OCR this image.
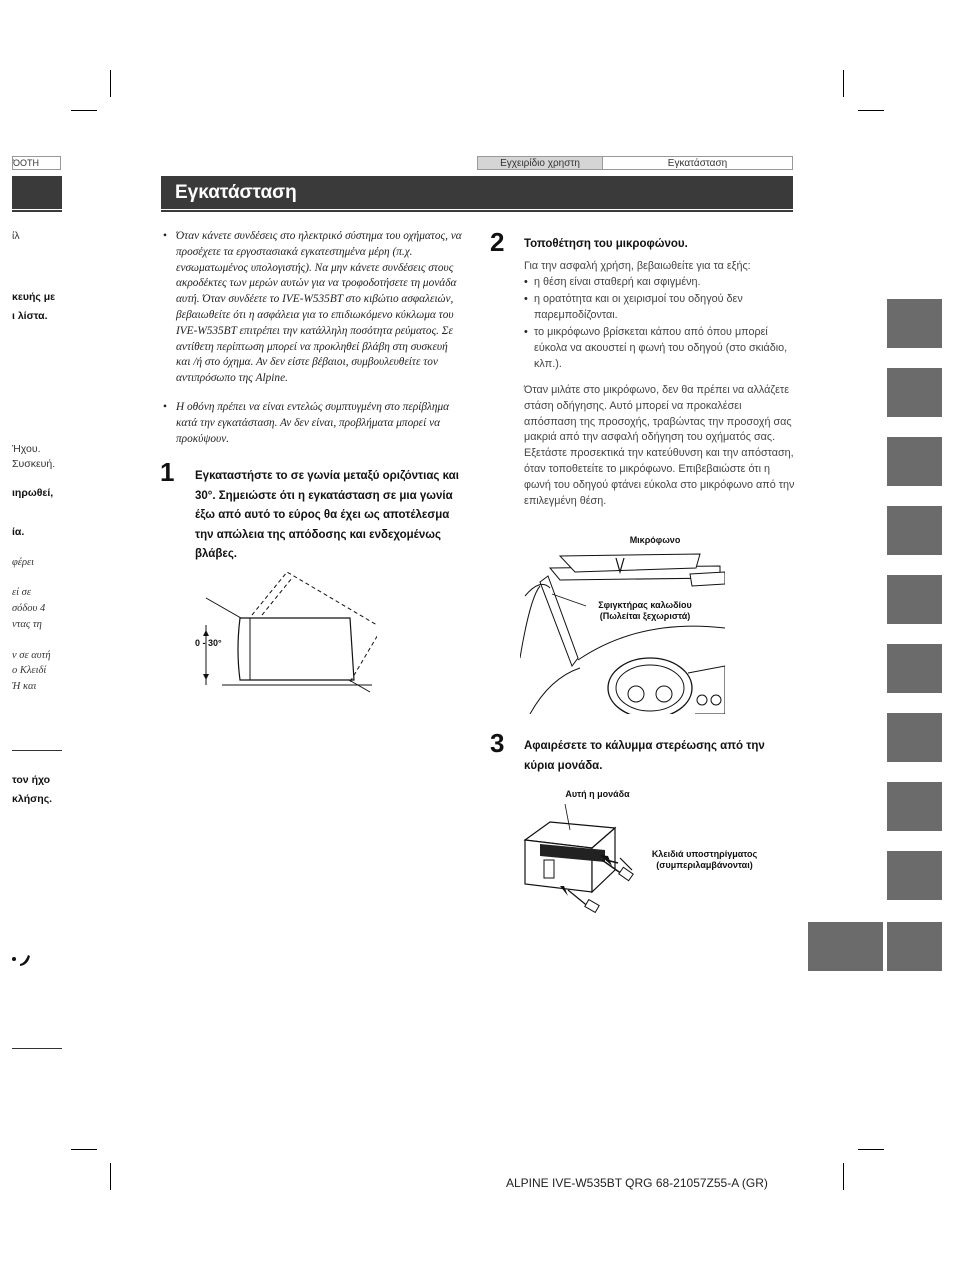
ΌΟΤΗ
ίλ
κευής με
ι λίστα.
Ήχου.
Συσκευή.
ιηρωθεί,
ία.
φέρει
εί σε
σόδου 4
ντας τη
ν σε αυτή
ο Κλειδί
Ή και
τον ήχο
κλήσης.
Εγχειρίδιο χρηστη	Εγκατάσταση
Εγκατάσταση
• Όταν κάνετε συνδέσεις στο ηλεκτρικό σύστημα του οχήματος, να προσέχετε τα εργοστασιακά εγκατεστημένα μέρη (π.χ. ενσωματωμένος υπολογιστής). Να μην κάνετε συνδέσεις στους ακροδέκτες των μερών αυτών για να τροφοδοτήσετε τη μονάδα αυτή. Όταν συνδέετε το IVE-W535BT στο κιβώτιο ασφαλειών, βεβαιωθείτε ότι η ασφάλεια για το επιδιωκόμενο κύκλωμα του IVE-W535BT επιτρέπει την κατάλληλη ποσότητα ρεύματος. Σε αντίθετη περίπτωση μπορεί να προκληθεί βλάβη στη συσκευή και /ή στο όχημα. Αν δεν είστε βέβαιοι, συμβουλευθείτε τον αντιπρόσωπο της Alpine.
• Η οθόνη πρέπει να είναι εντελώς συμπτυγμένη στο περίβλημα κατά την εγκατάσταση. Αν δεν είναι, προβλήματα μπορεί να προκύψουν.
1 Εγκαταστήστε το σε γωνία μεταξύ οριζόντιας και 30°. Σημειώστε ότι η εγκατάσταση σε μια γωνία έξω από αυτό το εύρος θα έχει ως αποτέλεσμα την απώλεια της απόδοσης και ενδεχομένως βλάβες.
0 - 30°
2 Τοποθέτηση του μικροφώνου.
Για την ασφαλή χρήση, βεβαιωθείτε για τα εξής:
• η θέση είναι σταθερή και σφιγμένη.
• η ορατότητα και οι χειρισμοί του οδηγού δεν παρεμποδίζονται.
• το μικρόφωνο βρίσκεται κάπου από όπου μπορεί εύκολα να ακουστεί η φωνή του οδηγού (στο σκιάδιο, κλπ.).
Όταν μιλάτε στο μικρόφωνο, δεν θα πρέπει να αλλάζετε στάση οδήγησης. Αυτό μπορεί να προκαλέσει απόσπαση της προσοχής, τραβώντας την προσοχή σας μακριά από την ασφαλή οδήγηση του οχήματός σας. Εξετάστε προσεκτικά την κατεύθυνση και την απόσταση, όταν τοποθετείτε το μικρόφωνο. Επιβεβαιώστε ότι η φωνή του οδηγού φτάνει εύκολα στο μικρόφωνο από την επιλεγμένη θέση.
Μικρόφωνο
Σφιγκτήρας καλωδίου
(Πωλείται ξεχωριστά)
3 Αφαιρέσετε το κάλυμμα στερέωσης από την κύρια μονάδα.
Αυτή η μονάδα
Κλειδιά υποστηρίγματος
(συμπεριλαμβάνονται)
ALPINE IVE-W535BT QRG 68-21057Z55-A (GR)
